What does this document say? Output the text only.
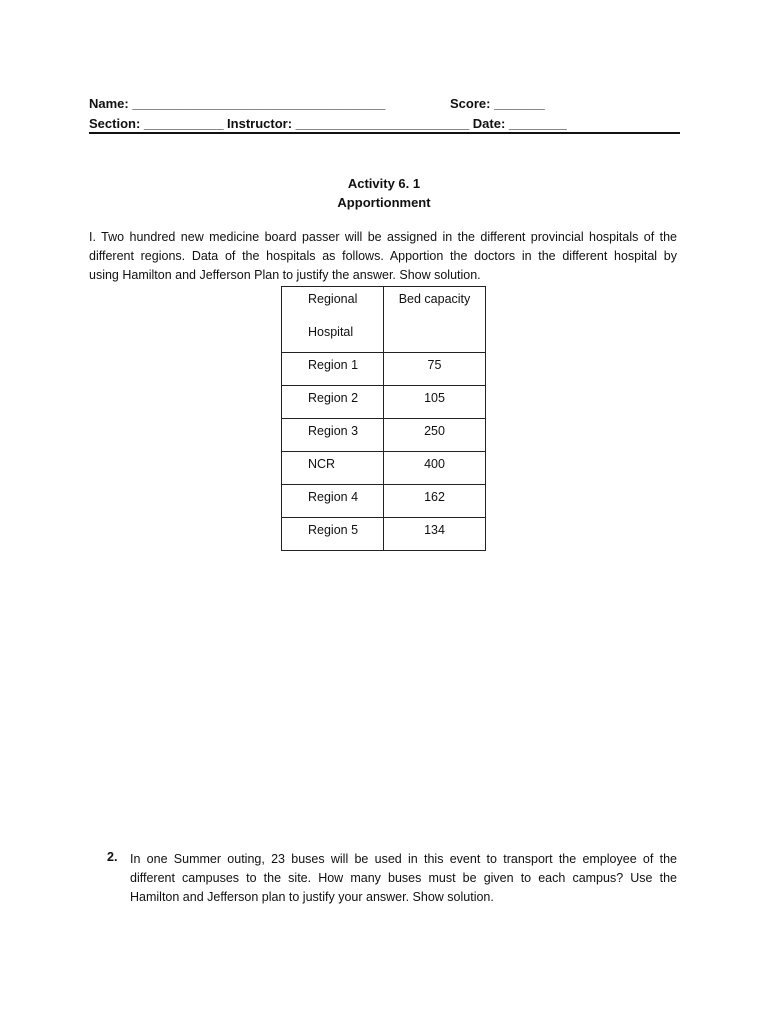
Name: ___________________________________	Score: _______
Section: ___________ Instructor: ________________________ Date: ________
Activity 6. 1
Apportionment
I. Two hundred new medicine board passer will be assigned in the different provincial hospitals of the
different regions. Data of the hospitals as follows. Apportion the doctors in the different hospital by
using Hamilton and Jefferson Plan to justify the answer. Show solution.
Regional
Hospital	Bed capacity
Region 1	75
Region 2	105
Region 3	250
NCR	400
Region 4	162
Region 5	134
2. In one Summer outing, 23 buses will be used in this event to transport the employee of the
different campuses to the site. How many buses must be given to each campus? Use the
Hamilton and Jefferson plan to justify your answer. Show solution.
